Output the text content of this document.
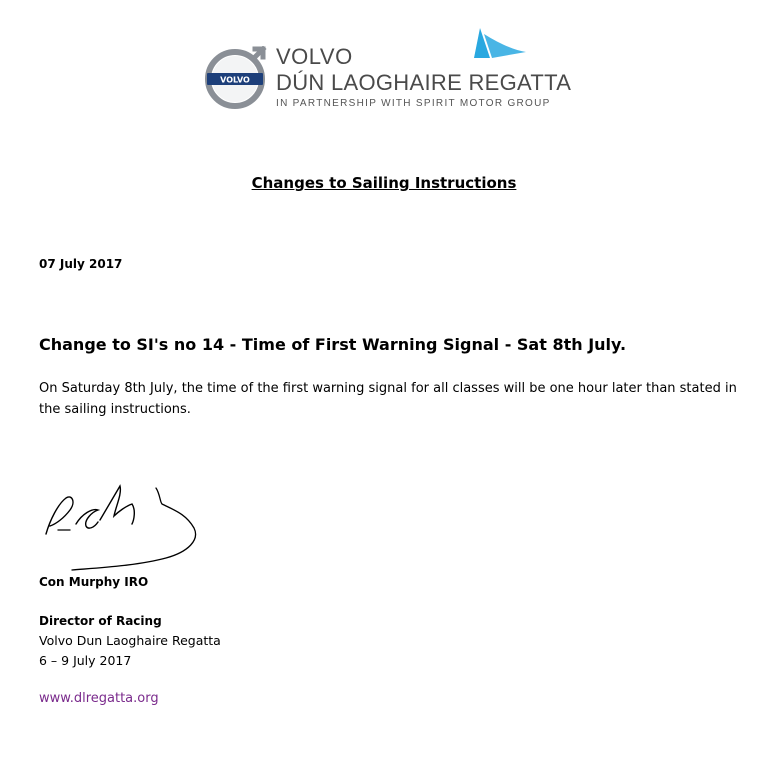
VOLVO
VOLVO
DÚN LAOGHAIRE REGATTA
IN PARTNERSHIP WITH SPIRIT MOTOR GROUP
Changes to Sailing Instructions
07 July 2017
Change to SI's no 14 - Time of First Warning Signal - Sat 8th July.
On Saturday 8th July, the time of the first warning signal for all classes will be one hour later than stated in the sailing instructions.
Con Murphy IRO
Director of Racing
Volvo Dun Laoghaire Regatta
6 – 9 July 2017
www.dlregatta.org
